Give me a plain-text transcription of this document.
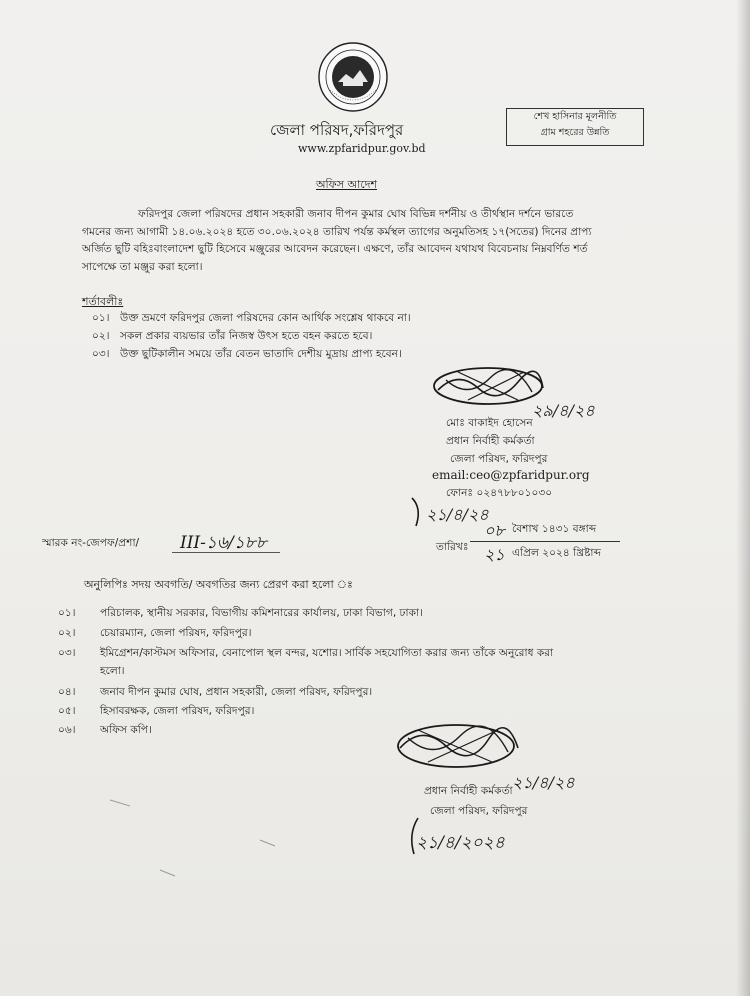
জেলা পরিষদ,ফরিদপুর
www.zpfaridpur.gov.bd
শেখ হাসিনার মূলনীতি
গ্রাম শহরের উন্নতি
অফিস আদেশ
ফরিদপুর জেলা পরিষদের প্রধান সহকারী জনাব দীপন কুমার ঘোষ বিভিন্ন দর্শনীয় ও তীর্থস্থান দর্শনে ভারতে
গমনের জন্য আগামী ১৪.০৬.২০২৪ হতে ৩০.০৬.২০২৪ তারিখ পর্যন্ত কর্মস্থল ত্যাগের অনুমতিসহ ১৭(সতের) দিনের প্রাপ্য
অর্জিত ছুটি বহিঃবাংলাদেশ ছুটি হিসেবে মঞ্জুরের আবেদন করেছেন। এক্ষণে, তাঁর আবেদন যথাযথ বিবেচনায় নিম্নবর্ণিত শর্ত
সাপেক্ষে তা মঞ্জুর করা হলো।
শর্তাবলীঃ
০১। উক্ত ভ্রমণে ফরিদপুর জেলা পরিষদের কোন আর্থিক সংশ্লেষ থাকবে না।
০২। সকল প্রকার ব্যয়ভার তাঁর নিজস্ব উৎস হতে বহন করতে হবে।
০৩। উক্ত ছুটিকালীন সময়ে তাঁর বেতন ভাতাদি দেশীয় মুদ্রায় প্রাপ্য হবেন।
২৯/৪/২৪
মোঃ বাকাইদ হোসেন
প্রধান নির্বাহী কর্মকর্তা
জেলা পরিষদ, ফরিদপুর
email:ceo@zpfaridpur.org
ফোনঃ ০২৪৭৮৮০১০৩০
২১/৪/২৪
স্মারক নং-জেপফ/প্রশা/ III-১৬/১৮৮	তারিখঃ
০৮ বৈশাখ ১৪৩১ বঙ্গাব্দ
২১ এপ্রিল ২০২৪ খ্রিষ্টাব্দ
অনুলিপিঃ সদয় অবগতি/ অবগতির জন্য প্রেরণ করা হলো ঃ
০১। পরিচালক, স্থানীয় সরকার, বিভাগীয় কমিশনারের কার্যালয়, ঢাকা বিভাগ, ঢাকা।
০২। চেয়ারম্যান, জেলা পরিষদ, ফরিদপুর।
০৩। ইমিগ্রেশন/কাস্টমস অফিসার, বেনাপোল স্থল বন্দর, যশোর। সার্বিক সহযোগিতা করার জন্য তাঁকে অনুরোধ করা
হলো।
০৪। জনাব দীপন কুমার ঘোষ, প্রধান সহকারী, জেলা পরিষদ, ফরিদপুর।
০৫। হিসাবরক্ষক, জেলা পরিষদ, ফরিদপুর।
০৬। অফিস কপি।
২১/৪/২৪
প্রধান নির্বাহী কর্মকর্তা
জেলা পরিষদ, ফরিদপুর
২১/৪/২০২৪
